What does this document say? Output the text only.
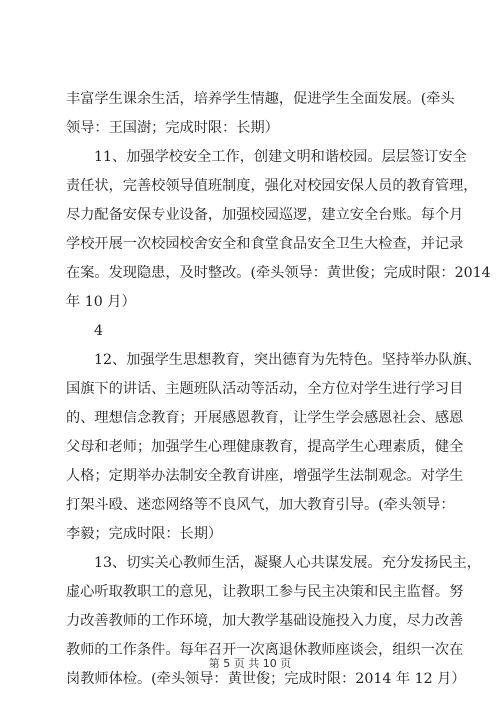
丰富学生课余生活，培养学生情趣，促进学生全面发展。(牵头
领导：王国澍；完成时限：长期）
11、加强学校安全工作，创建文明和谐校园。层层签订安全
责任状，完善校领导值班制度，强化对校园安保人员的教育管理，
尽力配备安保专业设备，加强校园巡逻，建立安全台账。每个月
学校开展一次校园校舍安全和食堂食品安全卫生大检查，并记录
在案。发现隐患，及时整改。(牵头领导：黄世俊；完成时限：2014
年 10 月）
4
12、加强学生思想教育，突出德育为先特色。坚持举办队旗、
国旗下的讲话、主题班队活动等活动，全方位对学生进行学习目
的、理想信念教育；开展感恩教育，让学生学会感恩社会、感恩
父母和老师；加强学生心理健康教育，提高学生心理素质，健全
人格；定期举办法制安全教育讲座，增强学生法制观念。对学生
打架斗殴、迷恋网络等不良风气，加大教育引导。(牵头领导：
李毅；完成时限：长期）
13、切实关心教师生活，凝聚人心共谋发展。充分发扬民主，
虚心听取教职工的意见，让教职工参与民主决策和民主监督。努
力改善教师的工作环境，加大教学基础设施投入力度，尽力改善
教师的工作条件。每年召开一次离退休教师座谈会，组织一次在
岗教师体检。(牵头领导：黄世俊；完成时限：2014 年 12 月）
第 5 页 共 10 页
